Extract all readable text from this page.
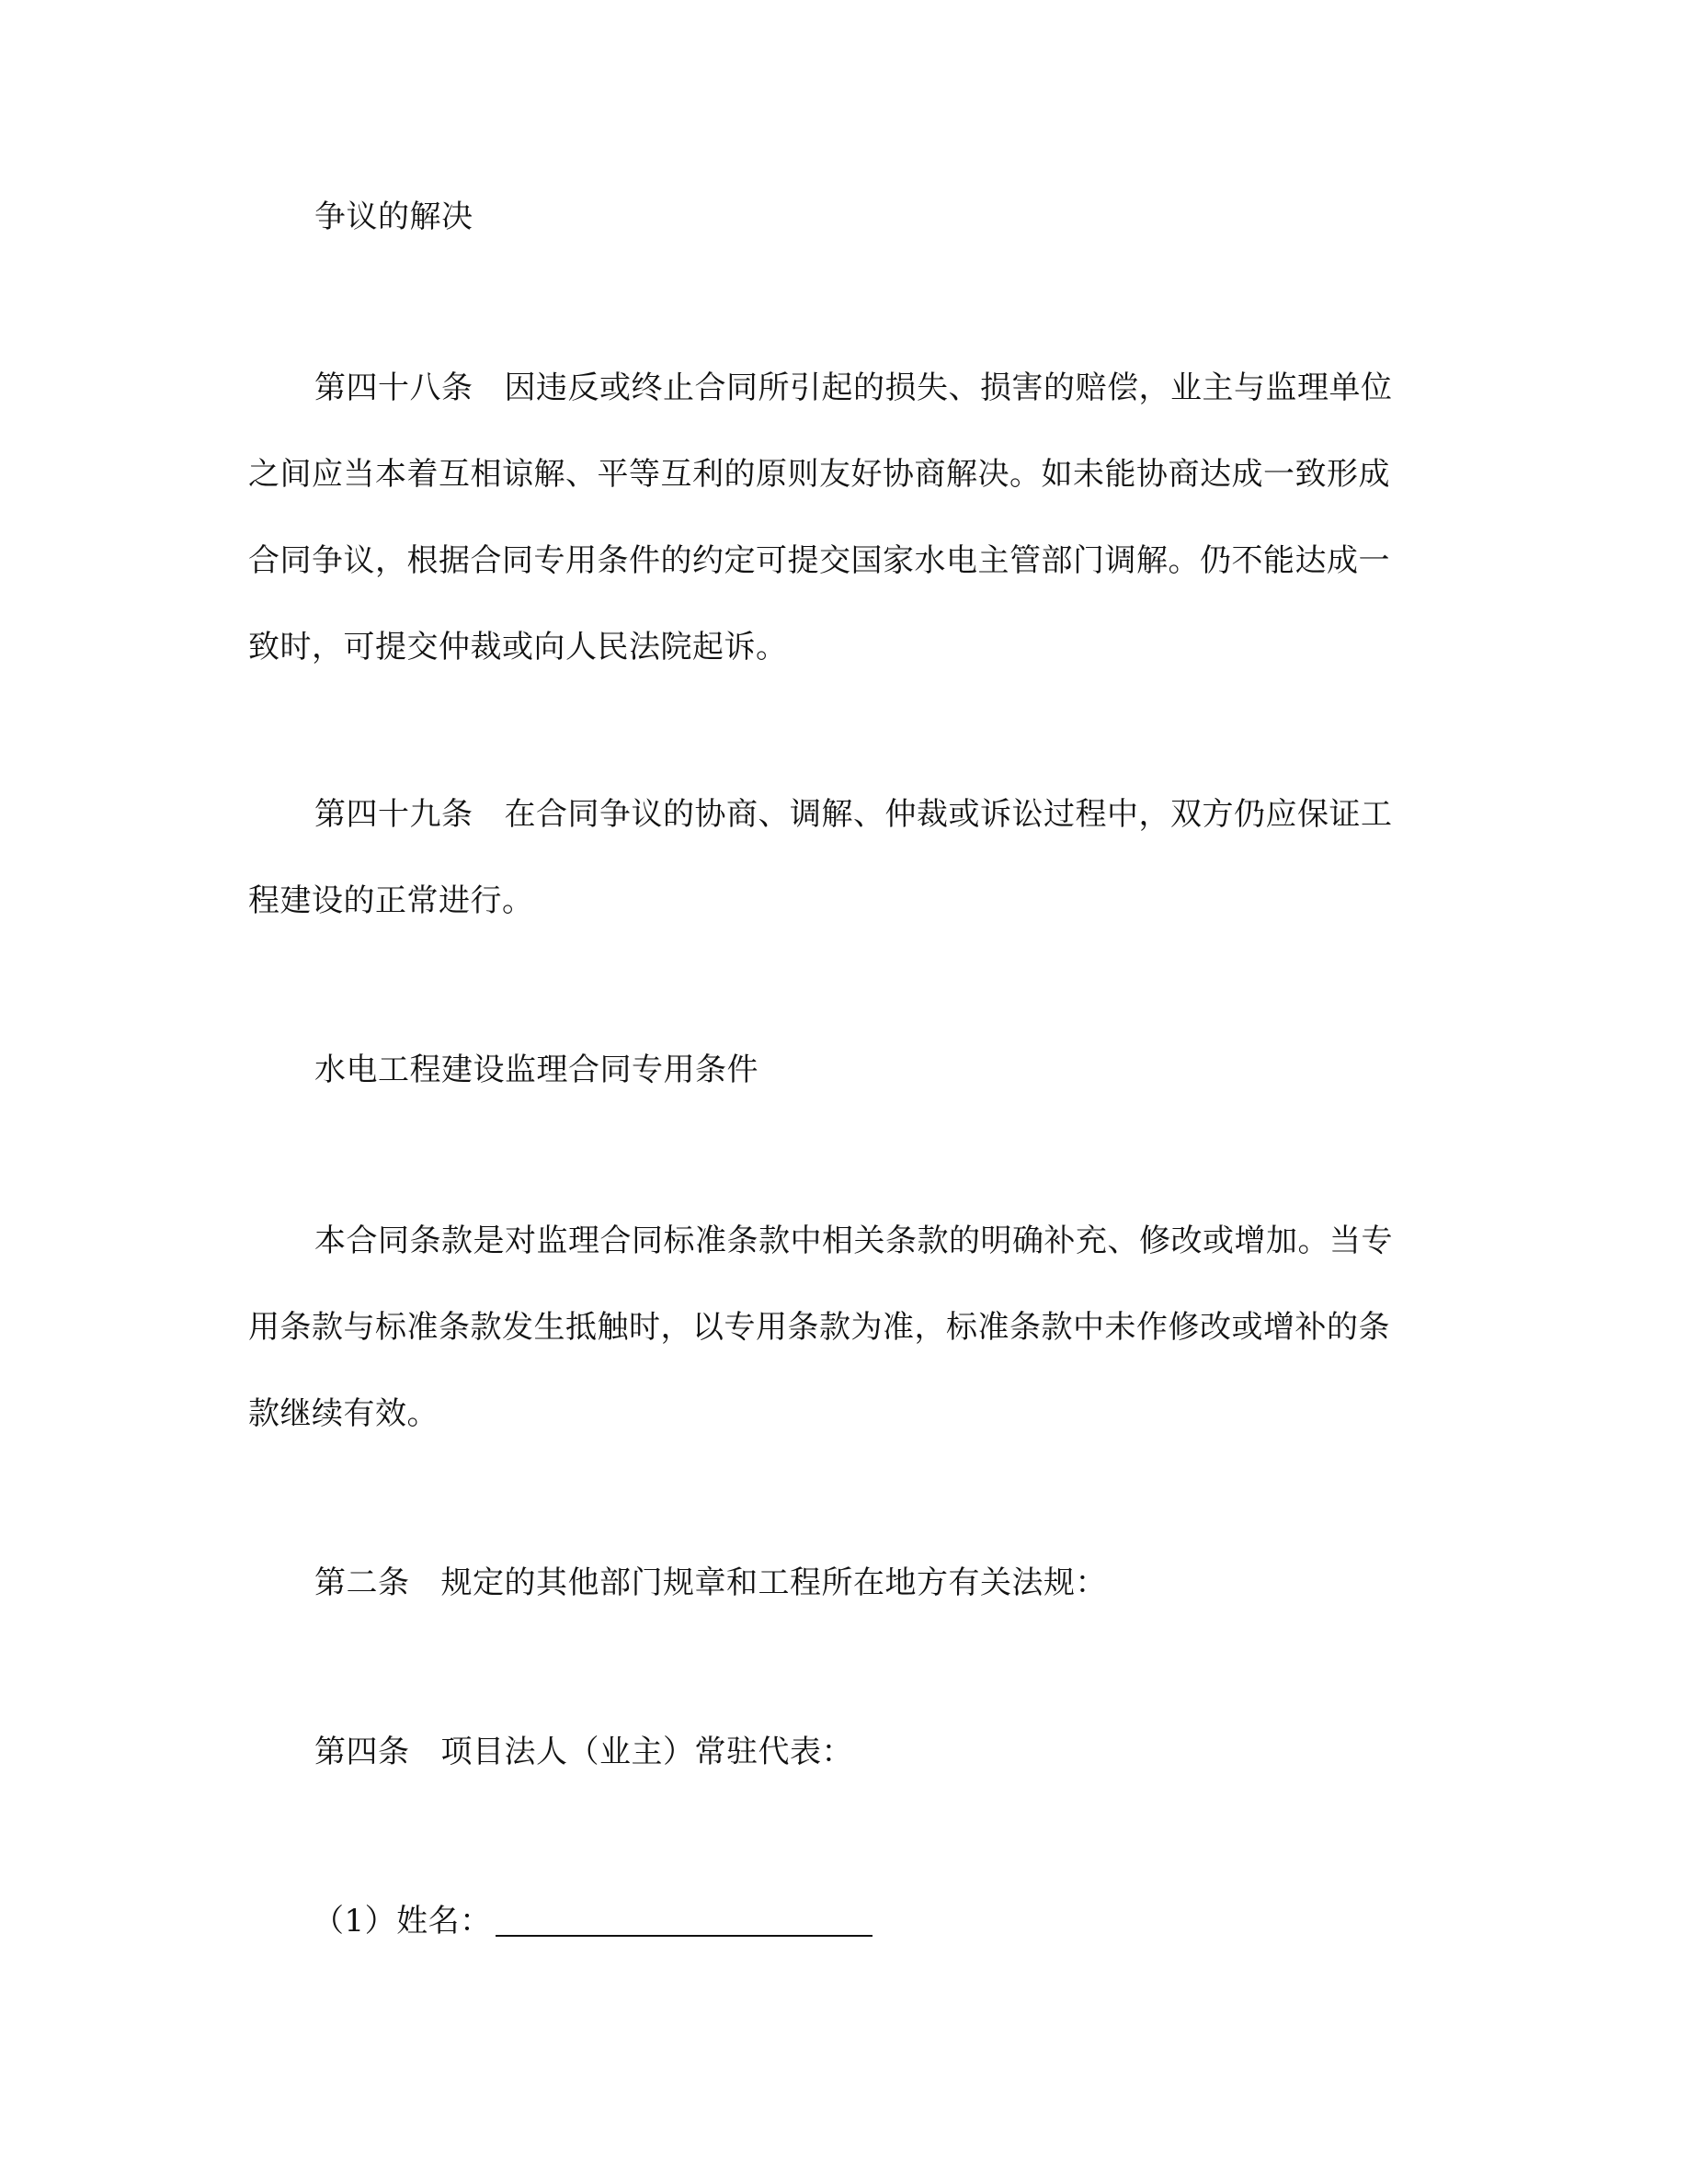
争议的解决
第四十八条 因违反或终止合同所引起的损失、损害的赔偿，业主与监理单位
之间应当本着互相谅解、平等互利的原则友好协商解决。如未能协商达成一致形成
合同争议，根据合同专用条件的约定可提交国家水电主管部门调解。仍不能达成一
致时，可提交仲裁或向人民法院起诉。
第四十九条 在合同争议的协商、调解、仲裁或诉讼过程中，双方仍应保证工
程建设的正常进行。
水电工程建设监理合同专用条件
本合同条款是对监理合同标准条款中相关条款的明确补充、修改或增加。当专
用条款与标准条款发生抵触时，以专用条款为准，标准条款中未作修改或增补的条
款继续有效。
第二条 规定的其他部门规章和工程所在地方有关法规：
第四条 项目法人（业主）常驻代表：
（1）姓名：
